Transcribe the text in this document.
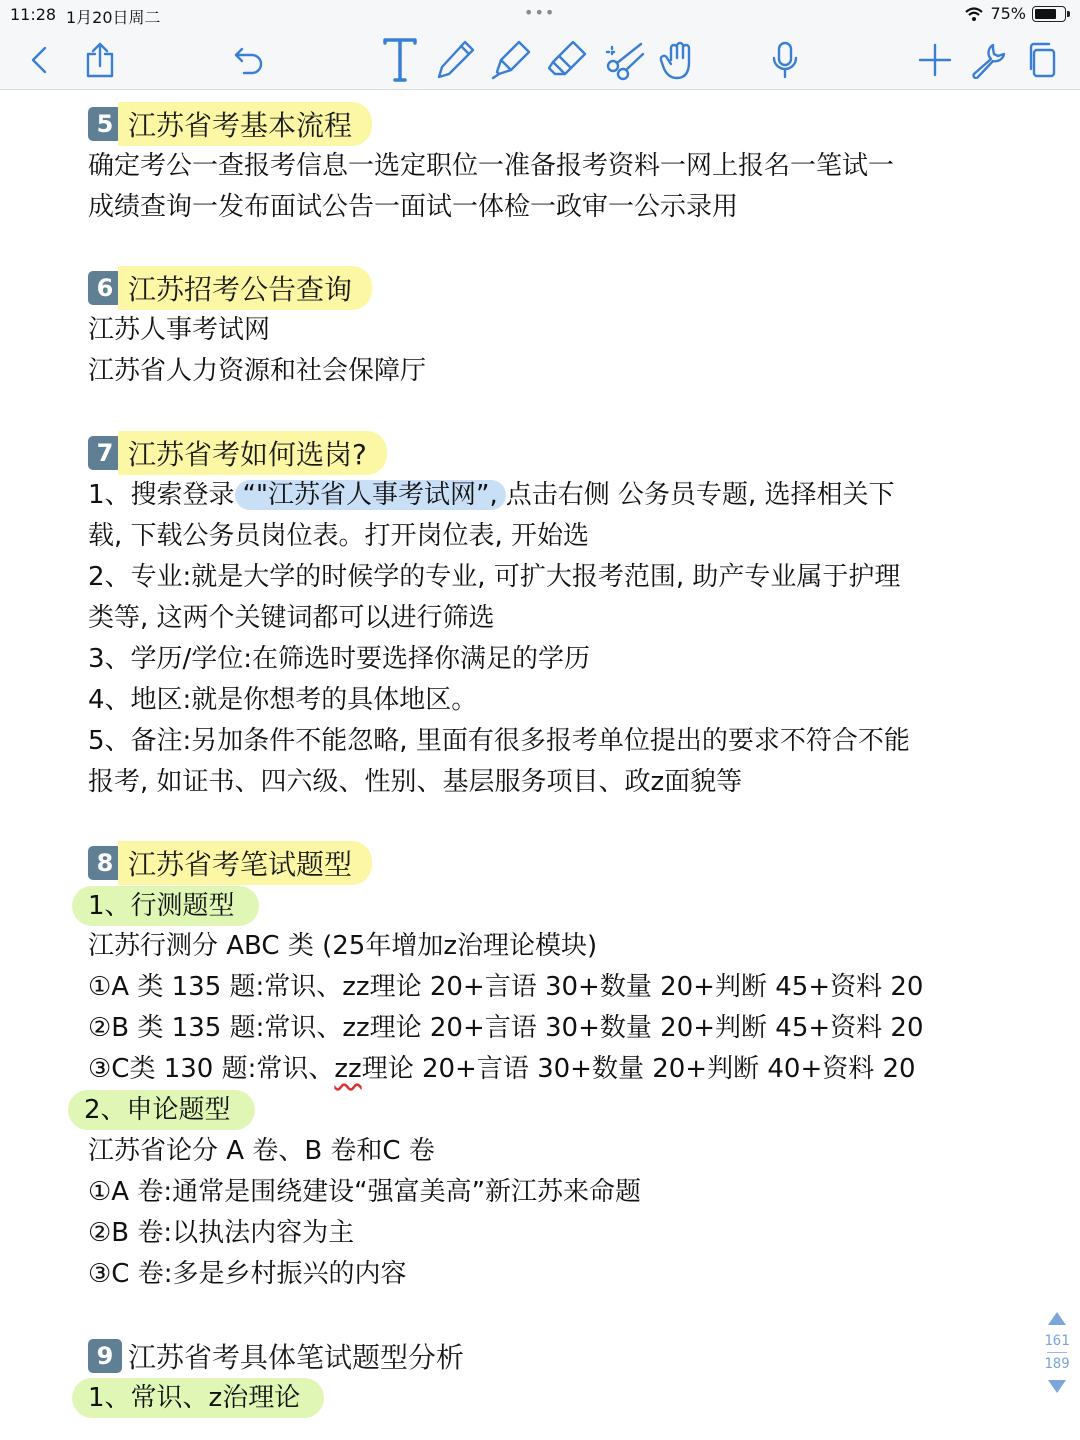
11:28 1月20日周二	•••	75%
5 江苏省考基本流程
确定考公一查报考信息一选定职位一准备报考资料一网上报名一笔试一
成绩查询一发布面试公告一面试一体检一政审一公示录用
6 江苏招考公告查询
江苏人事考试网
江苏省人力资源和社会保障厅
7 江苏省考如何选岗?
1、搜索登录 “"江苏省人事考试网”, 点击右侧 公务员专题, 选择相关下
载, 下载公务员岗位表。打开岗位表, 开始选
2、专业:就是大学的时候学的专业, 可扩大报考范围, 助产专业属于护理
类等, 这两个关键词都可以进行筛选
3、学历/学位:在筛选时要选择你满足的学历
4、地区:就是你想考的具体地区。
5、备注:另加条件不能忽略, 里面有很多报考单位提出的要求不符合不能
报考, 如证书、四六级、性别、基层服务项目、政z面貌等
8 江苏省考笔试题型
1、行测题型
江苏行测分 ABC 类 (25年增加z治理论模块)
①A 类 135 题:常识、zz理论 20+言语 30+数量 20+判断 45+资料 20
②B 类 135 题:常识、zz理论 20+言语 30+数量 20+判断 45+资料 20
③C类 130 题:常识、zz理论 20+言语 30+数量 20+判断 40+资料 20
2、申论题型
江苏省论分 A 卷、B 卷和C 卷
①A 卷:通常是围绕建设“强富美高”新江苏来命题
②B 卷:以执法内容为主
③C 卷:多是乡村振兴的内容
9 江苏省考具体笔试题型分析
1、常识、z治理论
161
189
